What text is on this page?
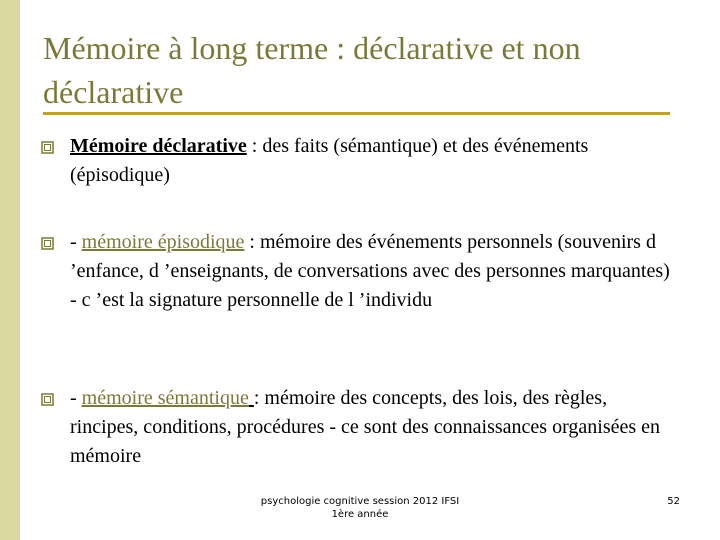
Mémoire à long terme : déclarative et non déclarative
Mémoire déclarative : des faits (sémantique) et des événements (épisodique)
- mémoire épisodique : mémoire des événements personnels (souvenirs d ’enfance, d ’enseignants, de conversations avec des personnes marquantes) - c ’est la signature personnelle de l ’individu
- mémoire sémantique : mémoire des concepts, des lois, des règles, rincipes, conditions, procédures - ce sont des connaissances organisées en mémoire
psychologie cognitive session 2012 IFSI
1ère année
52
